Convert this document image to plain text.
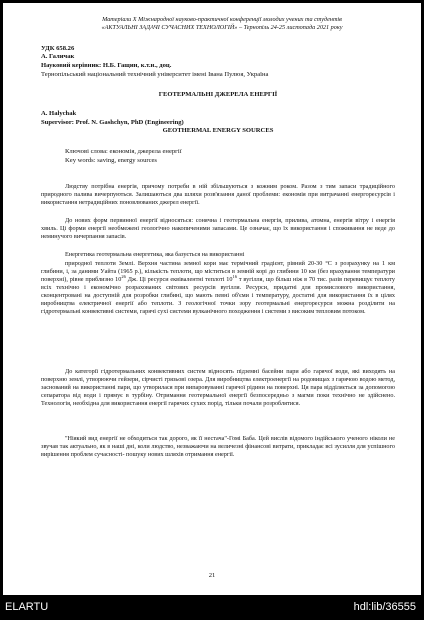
Матеріали Х Міжнародної науково-практичної конференції молодих учених та студентів
«АКТУАЛЬНІ ЗАДАЧІ СУЧАСНИХ ТЕХНОЛОГІЙ» – Тернопіль 24-25 листопада 2021 року
УДК 658.26
А. Галичак
Науковий керівник: Н.Б. Гащин, к.т.н., доц.
Тернопільський національний технічний університет імені Івана Пулюя, Україна
ГЕОТЕРМАЛЬНІ ДЖЕРЕЛА ЕНЕРГІЇ
A. Halychak
Supervisor: Prof. N. Gashchyn, PhD (Engineering)
GEOTHERMAL ENERGY SOURCES
Ключові слова: економія, джерела енергії
Key words: saving, energy sources
Людству потрібна енергія, причому потреби в ній збільшуються з кожним роком. Разом з тим запаси традиційного природного палива вичерпуються. Залишаються два шляхи розв'язання даної проблеми: економія при витрачанні енергоресурсів і використання нетрадиційних поновлюваних джерел енергії.
До нових форм первинної енергії відносяться: сонячна і геотермальна енергія, прилива, атомна, енергія вітру і енергія хвиль. Ці форми енергії необмежені геологічно накопиченими запасами. Це означає, що їх використання і споживання не веде до неминучого вичерпання запасів.
Енергетика геотермальна енергетика, яка базується на використанні
природної теплоти Землі. Верхня частина земної кори має термічний градієнт, рівний 20-30 °С з розрахунку на 1 км глибини, і, за даними Уайта (1965 р.), кількість теплоти, що міститься в земній корі до глибини 10 км (без врахування температури поверхні), рівне приблизно $10^{26}$ Дж. Ці ресурси еквівалентні теплоті $10^{16}$ т вугілля, що більш ніж в 70 тис. разів перевищує теплоту всіх технічно і економічно розрахованих світових ресурсів вугілля. Ресурси, придатні для промислового використання, сконцентровані на доступній для розробки глибині, що мають певні об'єми і температуру, достатні для використання їх в цілях виробництва електричної енергії або теплоти. З геологічної точки зору геотермальні енергоресурси можна розділити на гідротермальні конвективні системи, гарячі сухі системи вулканічного походження і системи з високим тепловим потоком.
До категорії гідротермальних конвективних систем відносять підземні басейни пари або гарячої води, які виходять на поверхню землі, утворюючи гейзери, сірчисті грязьові озера. Для виробництва електроенергії на родовищах з гарячою водою метод, заснований на використанні пари, що утворилася при випаровуванні гарячої рідини на поверхні. Ця пара відділяється за допомогою сепаратора від води і прямує в турбіну. Отримання геотермальної енергії безпосередньо з магми поки технічно не здійснено. Технологія, необхідна для використання енергії гарячих сухих порід, тільки почали розроблятися.
"Ніякий вид енергії не обходиться так дорого, як її нестача"-Гомі Баба. Цей вислів відомого індійського ученого ніколи не звучав так актуально, як в наші дні, коли людство, незважаючи на величезні фінансові витрати, прикладає всі зусилля для успішного вирішення проблем сучасності- пошуку нових шляхів отримання енергії.
21
ELARTU	hdl:lib/36555
